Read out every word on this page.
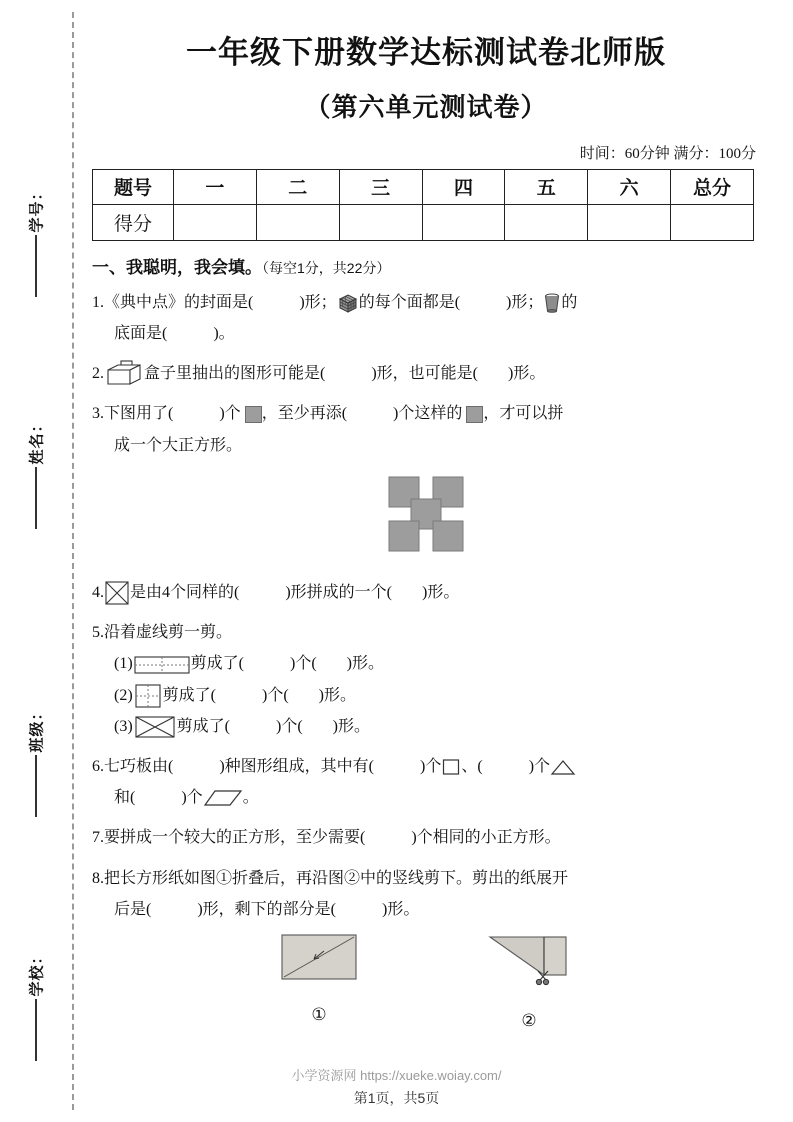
学号：
姓名：
班级：
学校：
一年级下册数学达标测试卷北师版
（第六单元测试卷）
时间：60分钟 满分：100分
题号	一	二	三	四	五	六	总分
得分							
一、我聪明，我会填。（每空1分，共22分）
1.《典中点》的封面是(	)形； 的每个面都是(	)形； 的
底面是(	)。
2.	盒子里抽出的图形可能是(	)形，也可能是( )形。
3.下图用了(	)个 ，至少再添(	)个这样的 ，才可以拼
成一个大正方形。
4. 是由4个同样的(	)形拼成的一个( )形。
5.沿着虚线剪一剪。
(1)	剪成了(	)个( )形。
(2) 剪成了(	)个( )形。
(3)	剪成了(	)个( )形。
6.七巧板由(	)种图形组成，其中有(	)个 、(	)个
和(	)个	。
7.要拼成一个较大的正方形，至少需要(	)个相同的小正方形。
8.把长方形纸如图①折叠后，再沿图②中的竖线剪下。剪出的纸展开
后是(	)形，剩下的部分是(	)形。
①	②
小学资源网 https://xueke.woiay.com/
第1页，共5页
